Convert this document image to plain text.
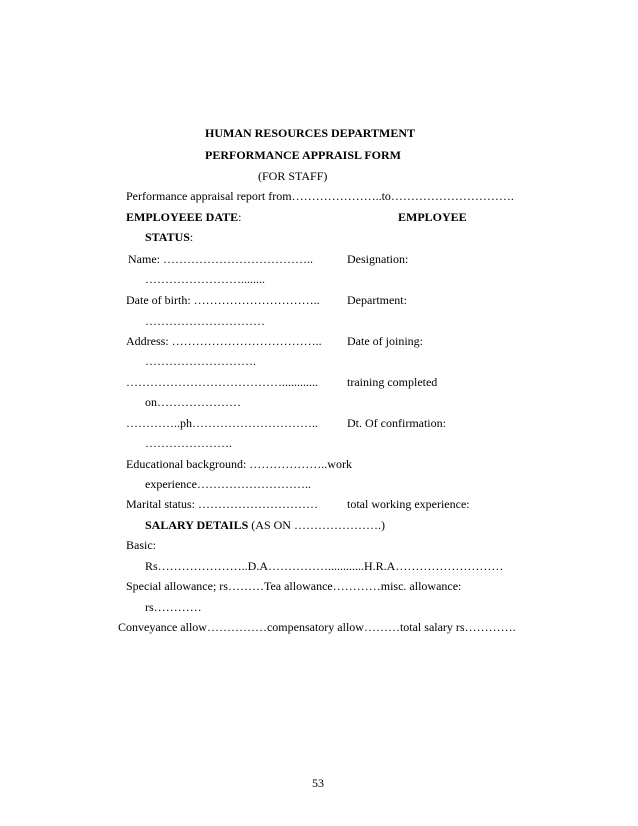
HUMAN RESOURCES DEPARTMENT
PERFORMANCE APPRAISL FORM
(FOR STAFF)
Performance appraisal report from…………………..to………………………….
EMPLOYEEE DATE:	EMPLOYEE
STATUS:
Name: ………………………………..	Designation:
……………………........
Date of birth: ………………………….. Department:
…………………………
Address: ……………………………….. Date of joining:
……………………….
…………………………………............ training completed
on…………………
…………..ph………………………….. Dt. Of confirmation:
………………….
Educational background: ………………..work
experience………………………..
Marital status: ………………………… total working experience:
SALARY DETAILS (AS ON ………………….)
Basic:
Rs…………………..D.A……………............H.R.A………………………
Special allowance; rs………Tea allowance…………misc. allowance:
rs…………
Conveyance allow……………compensatory allow………total salary rs………….
53
